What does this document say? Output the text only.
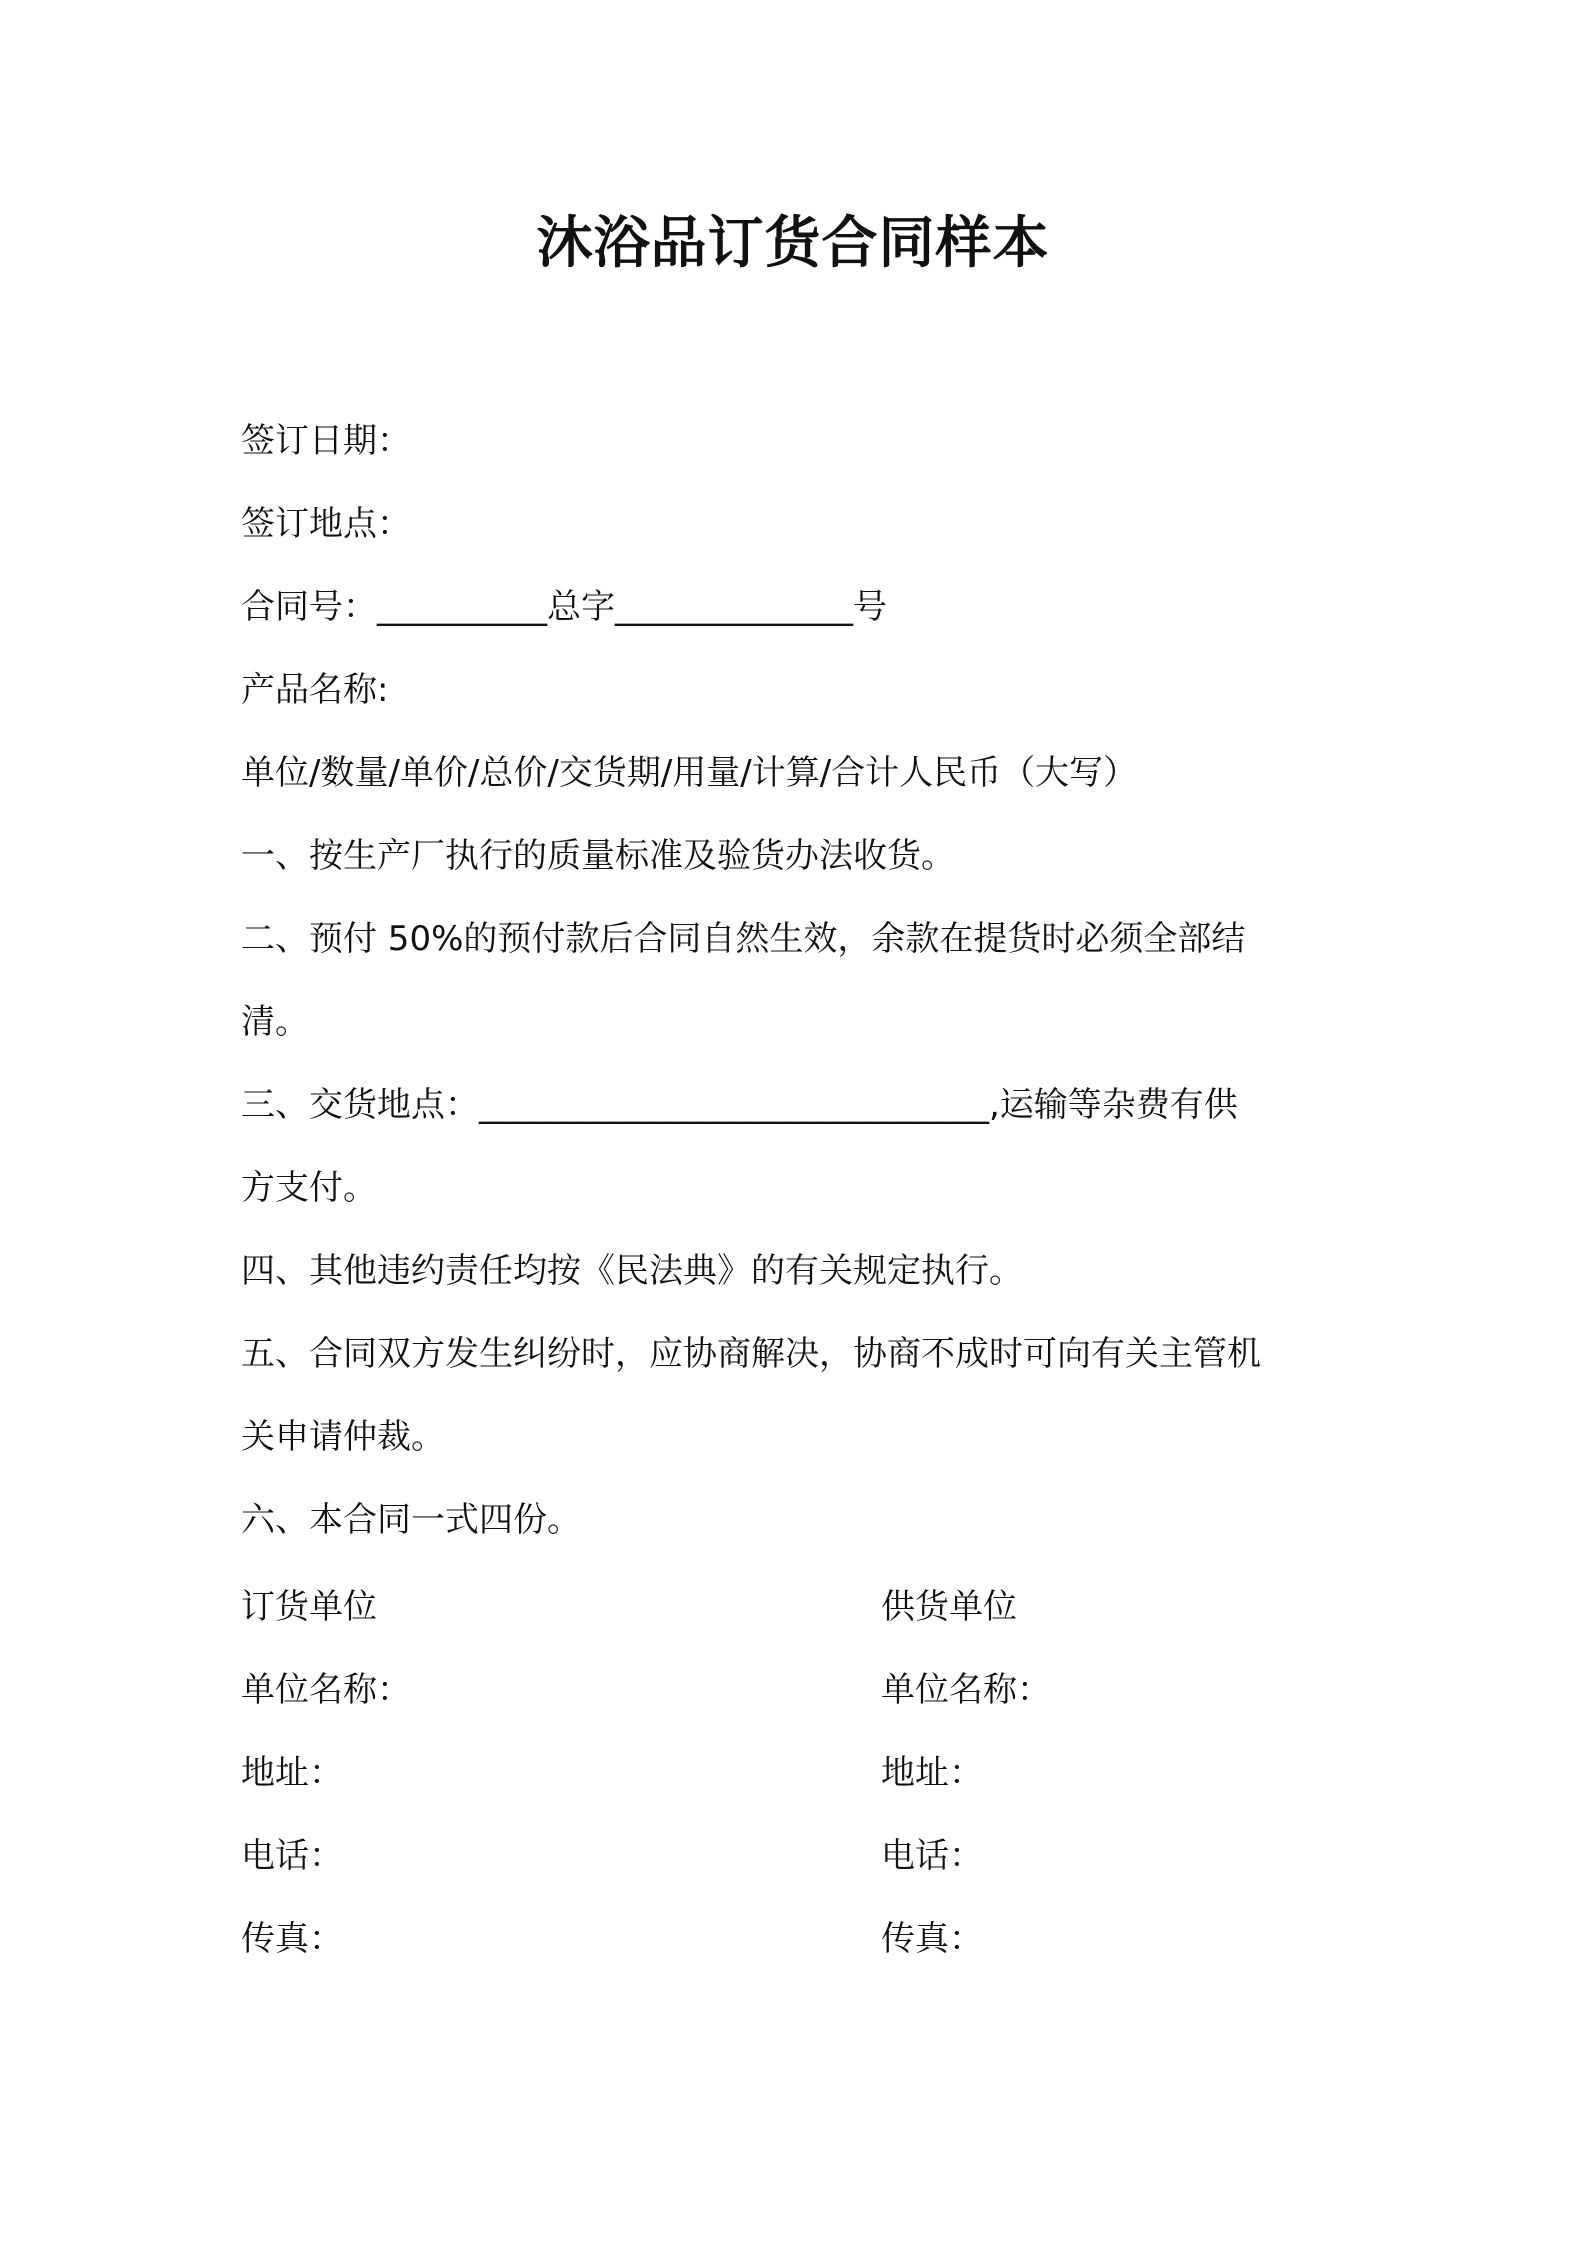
沐浴品订货合同样本
签订日期：
签订地点：
合同号：__________总字______________号
产品名称:
单位/数量/单价/总价/交货期/用量/计算/合计人民币（大写）
一、按生产厂执行的质量标准及验货办法收货。
二、预付 50%的预付款后合同自然生效，余款在提货时必须全部结
清。
三、交货地点：______________________________,运输等杂费有供
方支付。
四、其他违约责任均按《民法典》的有关规定执行。
五、合同双方发生纠纷时，应协商解决，协商不成时可向有关主管机
关申请仲裁。
六、本合同一式四份。
订货单位	供货单位
单位名称：	单位名称：
地址：	地址：
电话：	电话：
传真：	传真：
